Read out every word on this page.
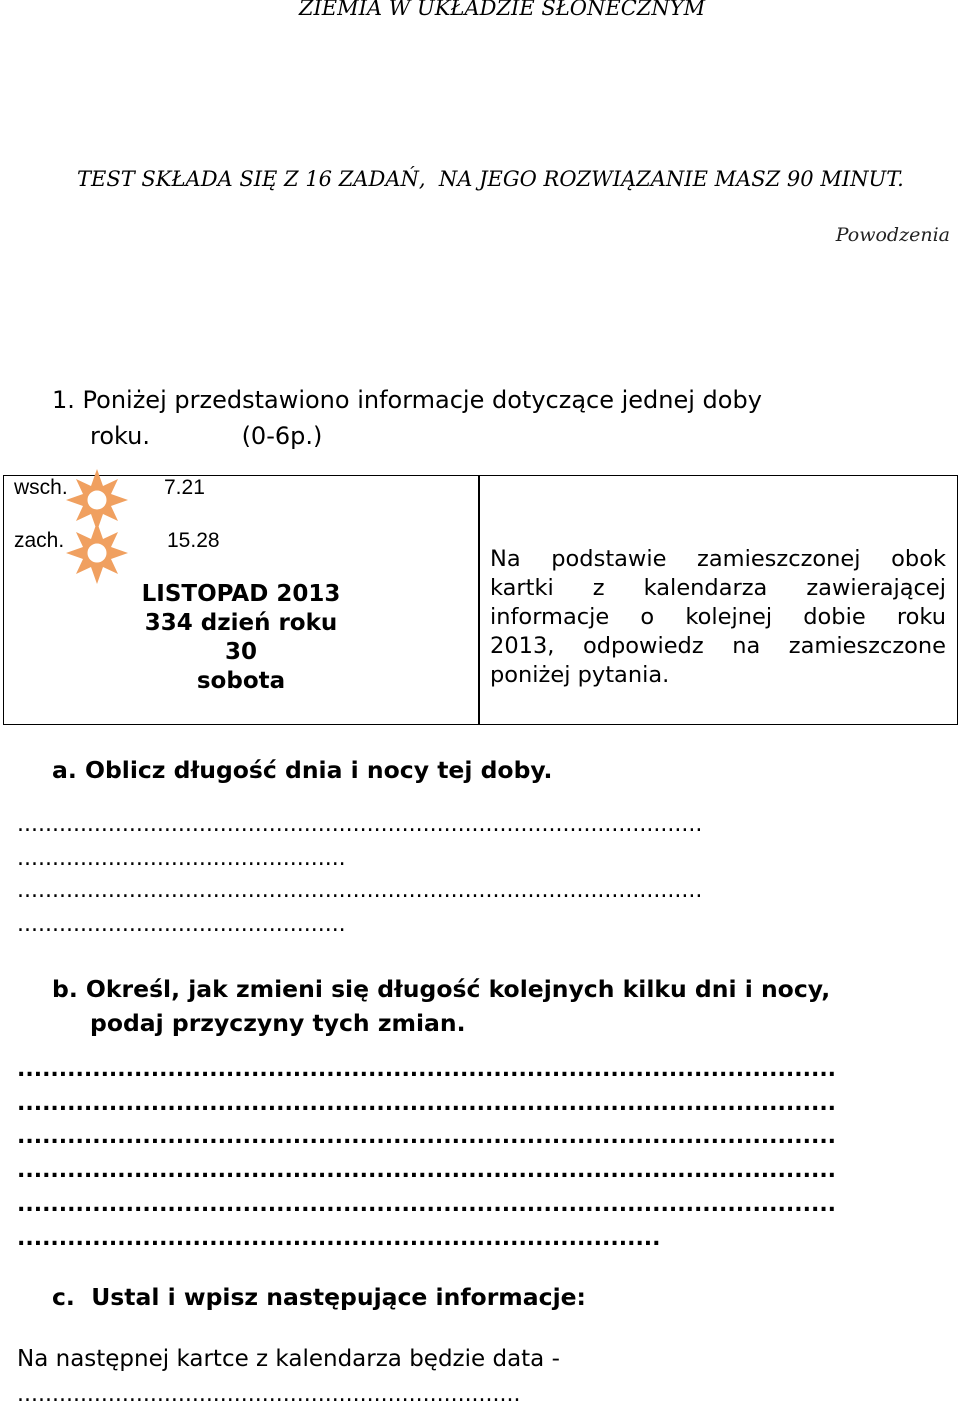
ZIEMIA W UKŁADZIE SŁONECZNYM
TEST SKŁADA SIĘ Z 16 ZADAŃ,  NA JEGO ROZWIĄZANIE MASZ 90 MINUT.
Powodzenia
1. Poniżej przedstawiono informacje dotyczące jednej doby
roku.            (0-6p.)
wsch.	7.21
zach.	15.28
LISTOPAD 2013
334 dzień roku
30
sobota
Na podstawie zamieszczonej obok
kartki z kalendarza zawierającej
informacje o kolejnej dobie roku
2013, odpowiedz na zamieszczone
poniżej pytania.
a. Oblicz długość dnia i nocy tej doby.
..................................................................................................
...............................................
..................................................................................................
...............................................
b. Określ, jak zmieni się długość kolejnych kilku dni i nocy,
podaj przyczyny tych zmian.
..................................................................................................
..................................................................................................
..................................................................................................
..................................................................................................
..................................................................................................
.............................................................................
c.  Ustal i wpisz następujące informacje:
Na następnej kartce z kalendarza będzie data -
........................................................................
